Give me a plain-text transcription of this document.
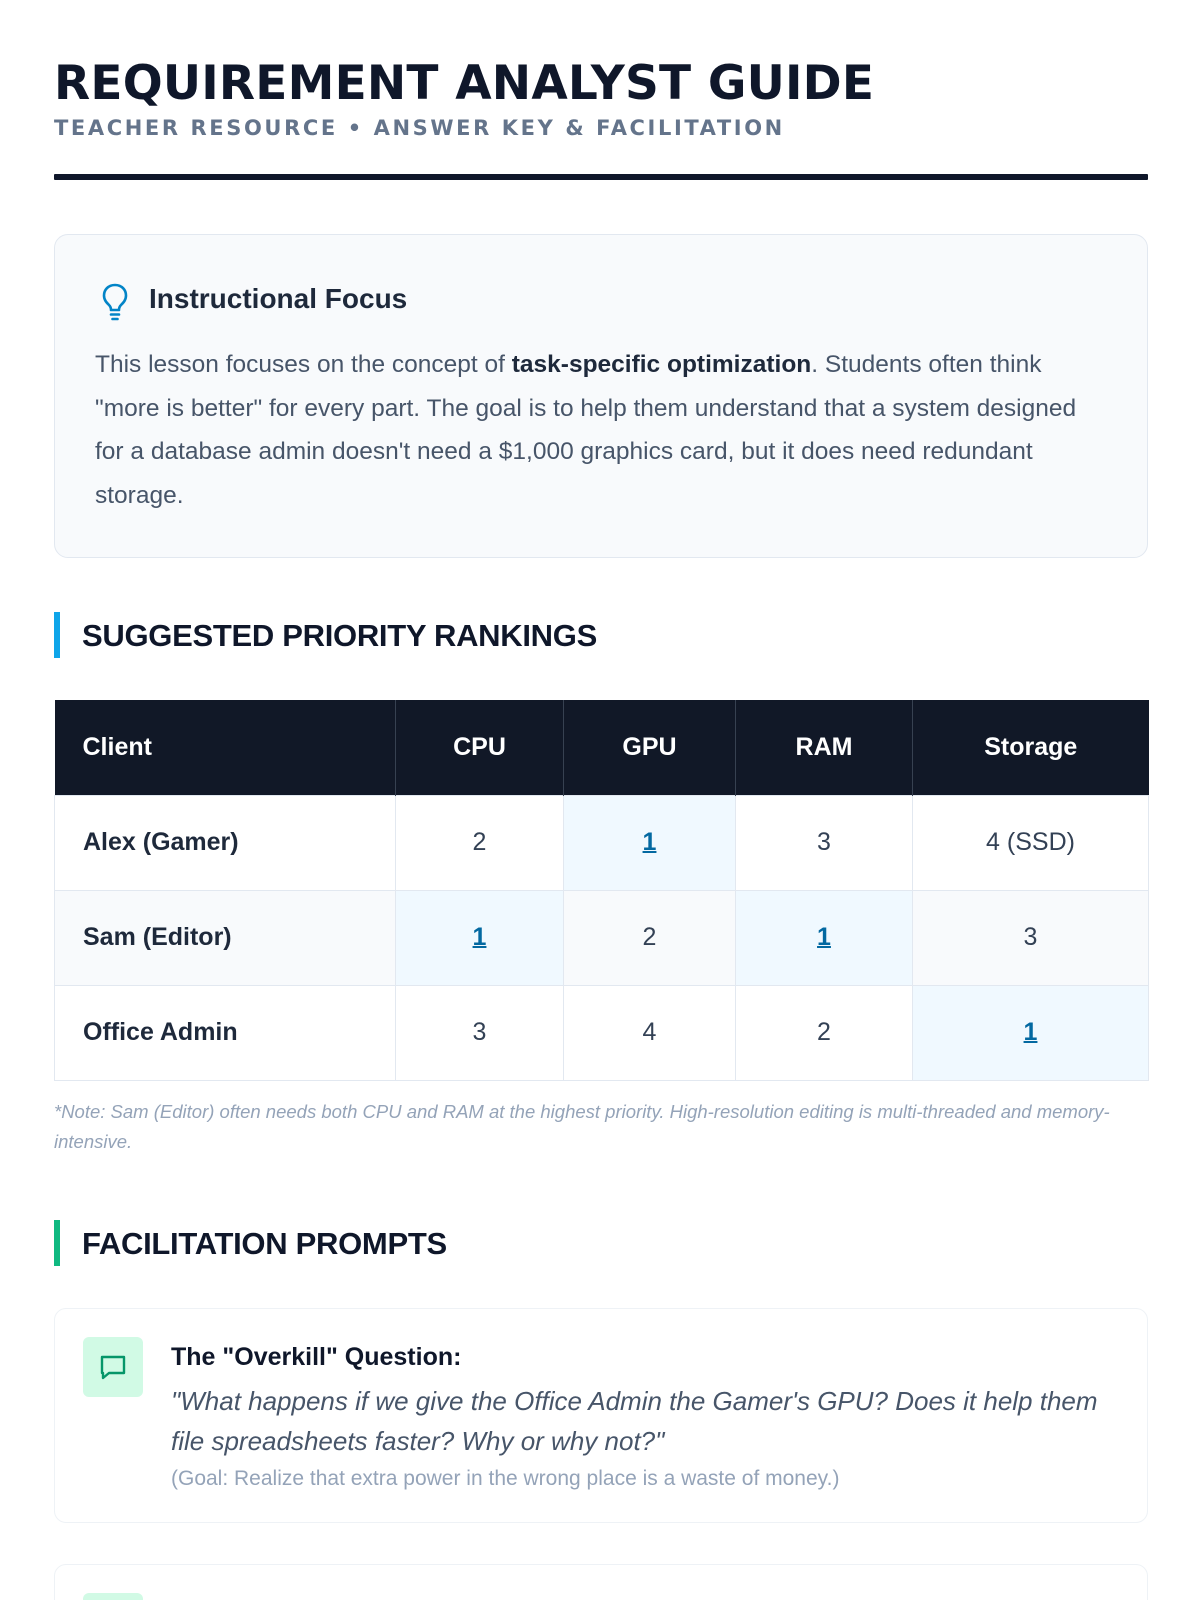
REQUIREMENT ANALYST GUIDE
TEACHER RESOURCE • ANSWER KEY & FACILITATION
Instructional Focus

This lesson focuses on the concept of task-specific optimization. Students often think "more is better" for every part. The goal is to help them understand that a system designed for a database admin doesn't need a $1,000 graphics card, but it does need redundant storage.

SUGGESTED PRIORITY RANKINGS
Client	CPU	GPU	RAM	Storage
Alex (Gamer)	2	1	3	4 (SSD)
Sam (Editor)	1	2	1	3
Office Admin	3	4	2	1

*Note: Sam (Editor) often needs both CPU and RAM at the highest priority. High-resolution editing is multi-threaded and memory-intensive.

FACILITATION PROMPTS
The "Overkill" Question:
"What happens if we give the Office Admin the Gamer's GPU? Does it help them file spreadsheets faster? Why or why not?"
(Goal: Realize that extra power in the wrong place is a waste of money.)
